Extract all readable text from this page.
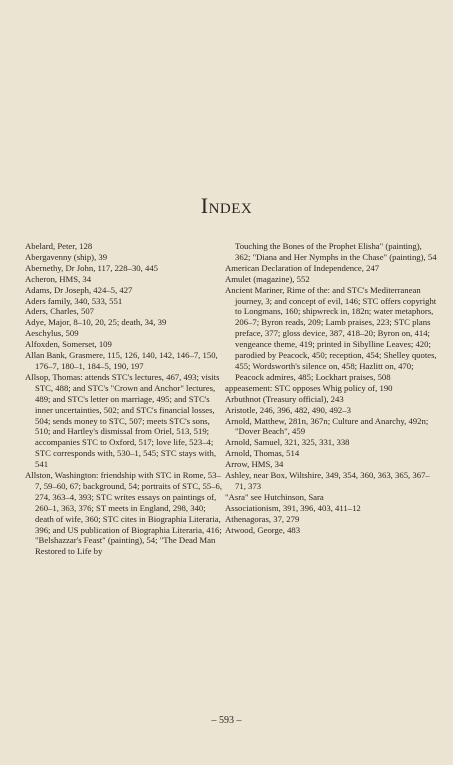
Index
Abelard, Peter, 128
Abergavenny (ship), 39
Abernethy, Dr John, 117, 228–30, 445
Acheron, HMS, 34
Adams, Dr Joseph, 424–5, 427
Aders family, 340, 533, 551
Aders, Charles, 507
Adye, Major, 8–10, 20, 25; death, 34, 39
Aeschylus, 509
Alfoxden, Somerset, 109
Allan Bank, Grasmere, 115, 126, 140, 142, 146–7, 150, 176–7, 180–1, 184–5, 190, 197
Allsop, Thomas: attends STC's lectures, 467, 493; visits STC, 488; and STC's "Crown and Anchor" lectures, 489; and STC's letter on marriage, 495; and STC's inner uncertainties, 502; and STC's financial losses, 504; sends money to STC, 507; meets STC's sons, 510; and Hartley's dismissal from Oriel, 513, 519; accompanies STC to Oxford, 517; love life, 523–4; STC corresponds with, 530–1, 545; STC stays with, 541
Allston, Washington: friendship with STC in Rome, 53–7, 59–60, 67; background, 54; portraits of STC, 55–6, 274, 363–4, 393; STC writes essays on paintings of, 260–1, 363, 376; ST meets in England, 298, 340; death of wife, 360; STC cites in Biographia Literaria, 396; and US publication of Biographia Literaria, 416; "Belshazzar's Feast" (painting), 54; "The Dead Man Restored to Life by
Touching the Bones of the Prophet Elisha" (painting), 362; "Diana and Her Nymphs in the Chase" (painting), 54
American Declaration of Independence, 247
Amulet (magazine), 552
Ancient Mariner, Rime of the: and STC's Mediterranean journey, 3; and concept of evil, 146; STC offers copyright to Longmans, 160; shipwreck in, 182n; water metaphors, 206–7; Byron reads, 209; Lamb praises, 223; STC plans preface, 377; gloss device, 387, 418–20; Byron on, 414; vengeance theme, 419; printed in Sibylline Leaves; 420; parodied by Peacock, 450; reception, 454; Shelley quotes, 455; Wordsworth's silence on, 458; Hazlitt on, 470; Peacock admires, 485; Lockhart praises, 508
appeasement: STC opposes Whig policy of, 190
Arbuthnot (Treasury official), 243
Aristotle, 246, 396, 482, 490, 492–3
Arnold, Matthew, 281n, 367n; Culture and Anarchy, 492n; "Dover Beach", 459
Arnold, Samuel, 321, 325, 331, 338
Arnold, Thomas, 514
Arrow, HMS, 34
Ashley, near Box, Wiltshire, 349, 354, 360, 363, 365, 367–71, 373
"Asra" see Hutchinson, Sara
Associationism, 391, 396, 403, 411–12
Athenagoras, 37, 279
Atwood, George, 483
– 593 –
